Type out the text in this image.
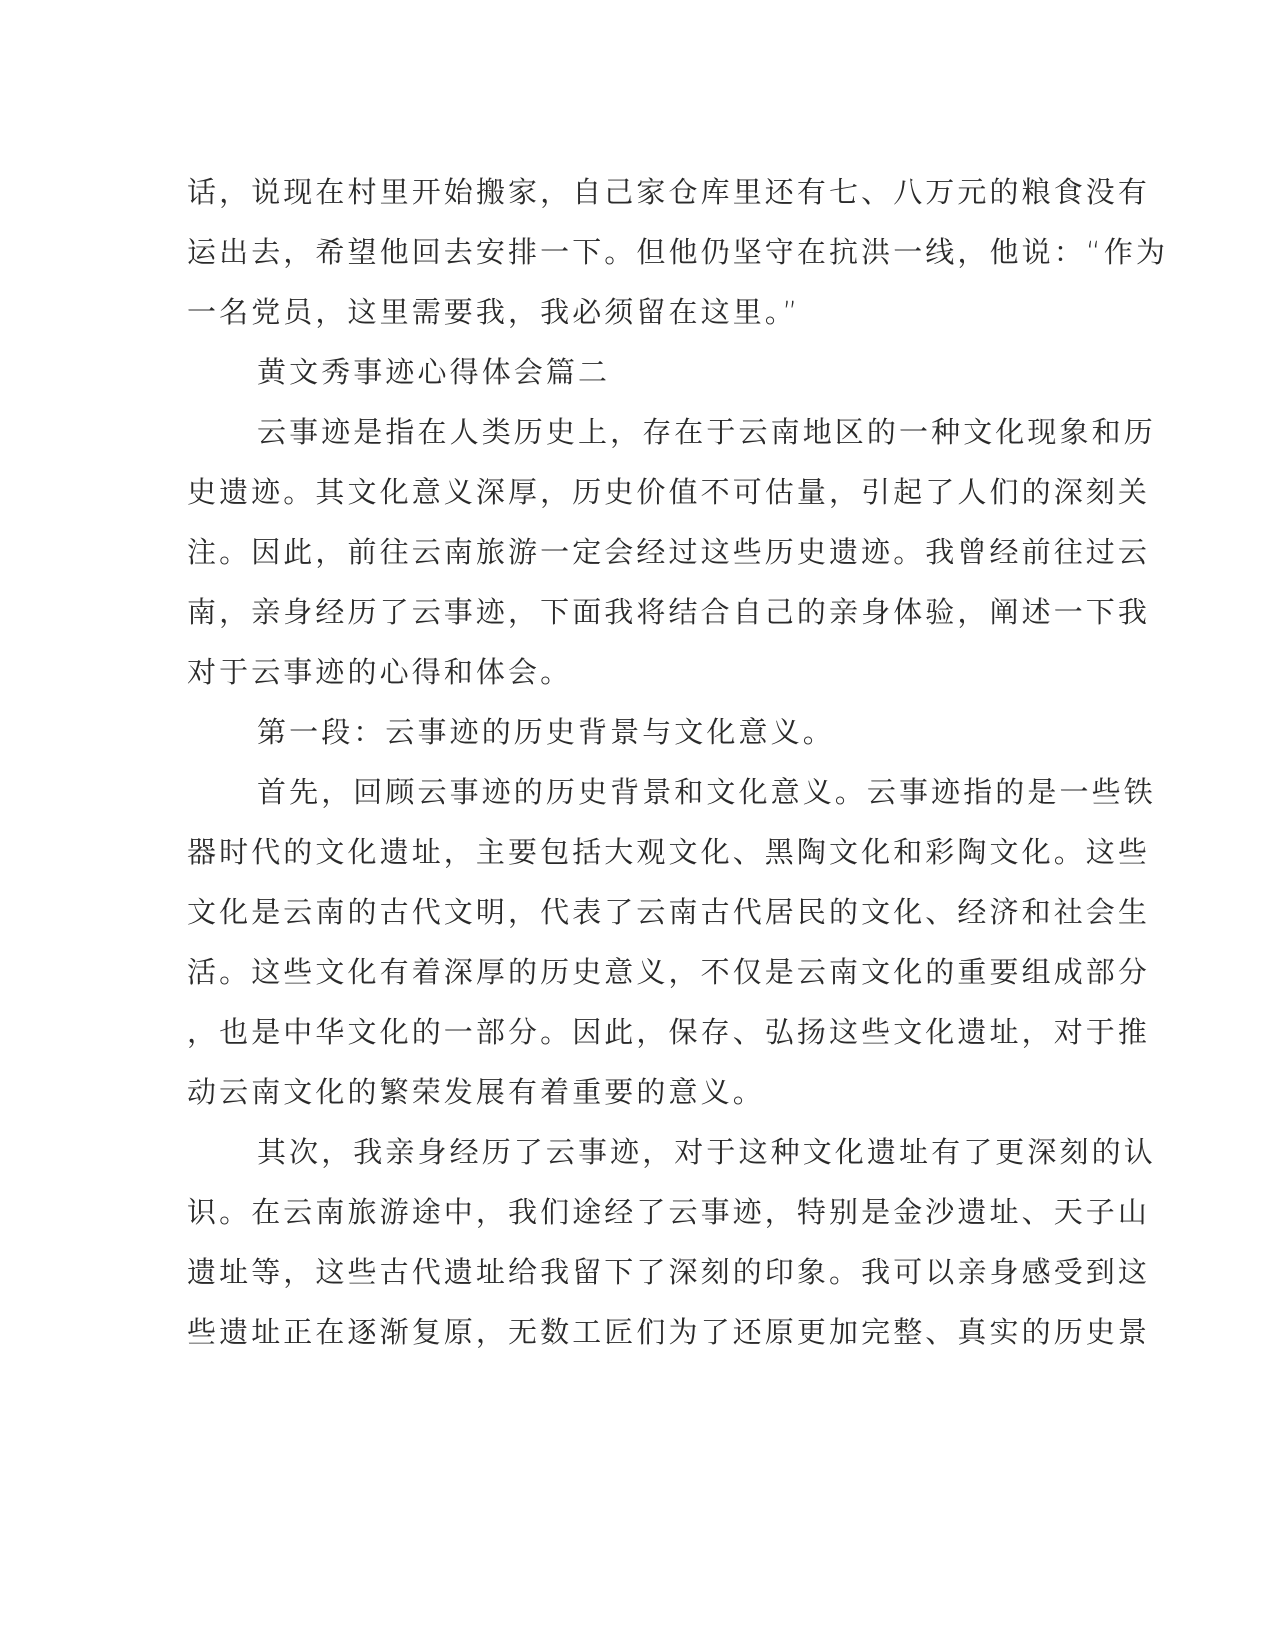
话，说现在村里开始搬家，自己家仓库里还有七、八万元的粮食没有
运出去，希望他回去安排一下。但他仍坚守在抗洪一线，他说：“作为
一名党员，这里需要我，我必须留在这里。”
黄文秀事迹心得体会篇二
云事迹是指在人类历史上，存在于云南地区的一种文化现象和历
史遗迹。其文化意义深厚，历史价值不可估量，引起了人们的深刻关
注。因此，前往云南旅游一定会经过这些历史遗迹。我曾经前往过云
南，亲身经历了云事迹，下面我将结合自己的亲身体验，阐述一下我
对于云事迹的心得和体会。
第一段：云事迹的历史背景与文化意义。
首先，回顾云事迹的历史背景和文化意义。云事迹指的是一些铁
器时代的文化遗址，主要包括大观文化、黑陶文化和彩陶文化。这些
文化是云南的古代文明，代表了云南古代居民的文化、经济和社会生
活。这些文化有着深厚的历史意义，不仅是云南文化的重要组成部分
，也是中华文化的一部分。因此，保存、弘扬这些文化遗址，对于推
动云南文化的繁荣发展有着重要的意义。
其次，我亲身经历了云事迹，对于这种文化遗址有了更深刻的认
识。在云南旅游途中，我们途经了云事迹，特别是金沙遗址、天子山
遗址等，这些古代遗址给我留下了深刻的印象。我可以亲身感受到这
些遗址正在逐渐复原，无数工匠们为了还原更加完整、真实的历史景
